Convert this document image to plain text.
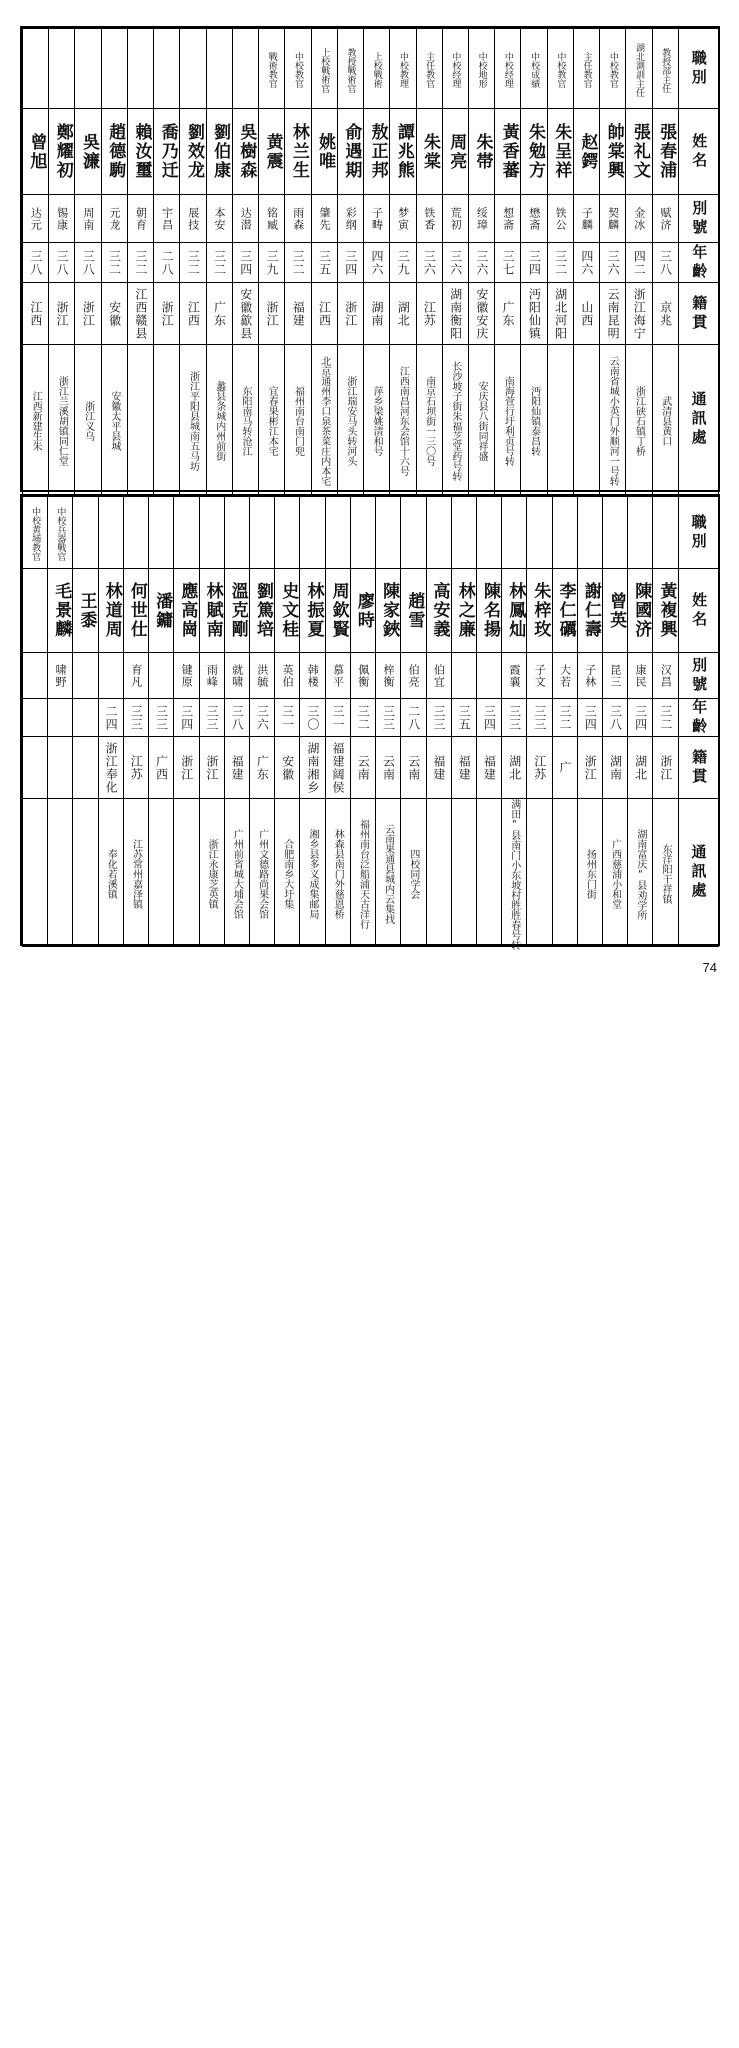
戰術教官	中校教官	上校戰術官	教授戰術官	上校戰術	中校教理	主任教官	中校经理	中校地形	中校经理	中校成績	中校教官	主任教官	中校教官	湖北測訓主任	教授部主任	職別

曾旭	鄭耀初	吳濂	趙德駒	賴汝璽	喬乃迁	劉效龙	劉伯康	吳樹森	黄震	林兰生	姚唯	俞遇期	敖正邦	譚兆熊	朱棠	周亮	朱帯	黃香蕃	朱勉方	朱呈祥	赵鍔	帥棠興	張礼文	張春浦	姓名

达元	锡康	周南	元龙	朝育	宇昌	展技	本安	达潜	铭臧	雨森	肇先	彩纲	子畴	梦寅	铁香	荒初	绥璋	想斋	懋斋	铁公	子麟	契麟	金冰	赋济	別號

三八	三八	三八	三二	三二	二八	三二	三二	三四	三九	三二	三五	三四	四六	三九	三六	三六	三六	三七	三四	三二	四六	三六	四二	三八	年齡

江西	浙江	浙江	安徽	江西赣县	浙江	江西	广东	安徽歙县	浙江	福建	江西	浙江	湖南	湖北	江苏	湖南衡阳	安徽安庆	广东	沔阳仙镇	湖北河阳	山西	云南昆明	浙江海宁	京兆	籍貫

江西新建生朱	浙江兰溪胡镇同仁堂	浙江义乌	安徽太平县城			浙江平阳县城南五马坊	蠡县条城内州前街	东阳南马转沧江	宜春果彬江本宅	福州南台南门兜	北京通州李口泉茶菜庄内本宅	浙江瑞安马头转河头	萍乡梁姚清和号	江西南昌河东会馆十六号	南京石坝街一三〇号	长沙坡子街朱福芝堂药号转	安庆县八街同祥盛	南海萱行圩利贞号转	沔阳仙镇泰昌转			云南省城小英门外顺河一号转	浙江硖石镇丁桥	武清县黄口	通訊處
中校黄埔教官	中校兵器戰官																									職別

毛景麟	王黍	林道周	何世仕	潘鏞	應高崗	林賦南	溫克剛	劉篤培	史文桂	林振夏	周欽賢	廖時	陳家鋏	趙雪	高安義	林之廉	陳名揚	林鳳灿	朱梓玫	李仁礪	謝仁壽	曾英	陳國济	黃複興	姓名

啸野			育凡		键原	雨峰	就啸	洪毓	英伯	韩楼	慕平	佩衡	梓衡	伯亮	伯宜			霞襄	子文	大若	子林	昆三	康民	汉昌	別號

二四	三三	三三	三四	三三	三八	三六	三一	三〇	三一	三二	三三	二八	三三	三五	三四	三三	三三	三二	三四	三八	三四	三二	年齡

浙江奉化	江苏	广西	浙江	浙江	福建	广东	安徽	湖南湘乡	福建阔侯	云南	云南	云南	福建	福建	福建	湖北	江苏	广	浙江	湖南	湖北	浙江	籍貫

奉化若溪镇	江苏常州嘉泽镇			浙江永康芝英镇	广州前省城大埔会馆	广州文德路尚果会馆	合肥南乡大圩集	湘乡县多义成集邮局	林森县南门外慈恩桥	福州南台泛船浦天古洋行	云南果通县城内云集找	四校同学会				满田"县南门小东坡村胜胜春号转			扬州东门街	广西慈浦小和堂	湖南富庆"县劝学所	东洋阳干祥镇	通訊處
74
